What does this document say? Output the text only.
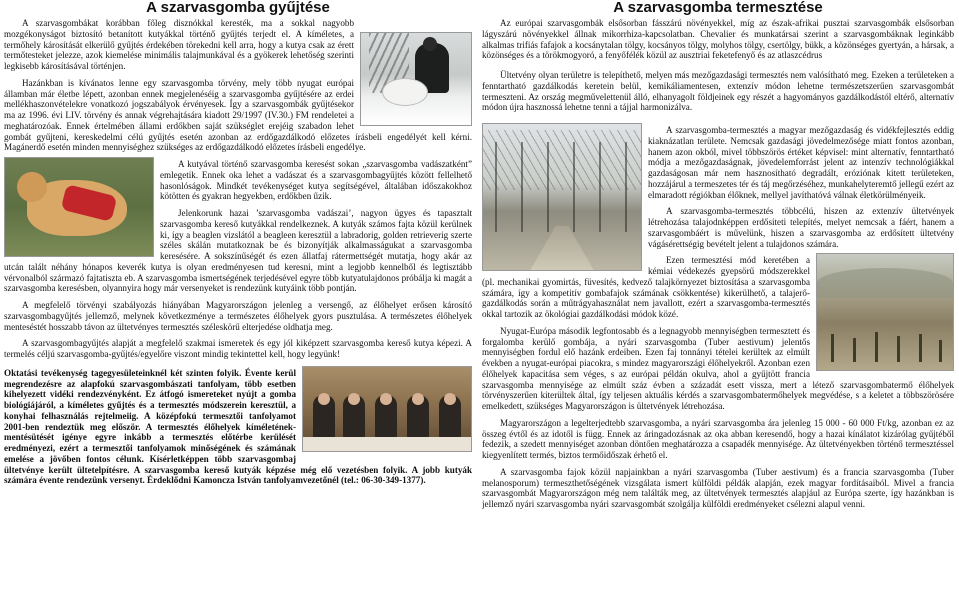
A szarvasgomba gyűjtése

A szarvasgombákat korábban főleg disznókkal keresték, ma a sokkal nagyobb mozgékonyságot biztosító betanított kutyákkal történő gyűjtés terjedt el. A kíméletes, a termőhely károsítását elkerülő gyűjtés érdekében törekedni kell arra, hogy a kutya csak az érett termőtesteket jelezze, azok kiemelése minimális talajmunkával és a gyökerek lehetőség szerinti legkisebb károsításával történjen.

Hazánkban is kívánatos lenne egy szarvasgomba törvény, mely több nyugat európai államban már életbe lépett, azonban ennek megjelenéséig a szarvasgomba gyűjtésére az erdei mellékhaszonvételekre vonatkozó jogszabályok érvényesek. Így a szarvasgombák gyűjtésekor ma az 1996. évi LIV. törvény és annak végrehajtására kiadott 29/1997 (IV.30.) FM rendeletei a meghatározóak. Ennek értelmében állami erdőkben saját szükséglet erejéig szabadon lehet gombát gyűjteni, kereskedelmi célú gyűjtés esetén azonban az erdőgazdálkodó előzetes írásbeli engedélyét kell kérni. Magánerdő esetén minden mennyiséghez szükséges az erdőgazdálkodó előzetes írásbeli engedélye.

A kutyával történő szarvasgomba keresést sokan „szarvasgomba vadászatként” emlegetik. Ennek oka lehet a vadászat és a szarvasgombagyűjtés között fellelhető hasonlóságok. Mindkét tevékenységet kutya segítségével, általában időszakokhoz kötötten és gyakran hegyekben, erdőkben űzik.

Jelenkorunk hazai ’szarvasgomba vadászai’, nagyon ügyes és tapasztalt szarvasgomba kereső kutyákkal rendelkeznek. A kutyák számos fajta közül kerülnek ki, így a beaglen vizslától a beagleen keresztül a labradorig, golden retrieverig szerte széles skálán mutatkoznak be és bizonyítják alkalmasságukat a szarvasgomba keresésére. A sokszínűségét és ezen állatfaj rátermettségét mutatja, hogy akár az utcán talált néhány hónapos keverék kutya is olyan eredményesen tud keresni, mint a legjobb kennelből és legtisztább vérvonalból származó fajtatiszta eb. A szarvasgomba ismertségének terjedésével egyre több kutyatulajdonos próbálja ki magát a szarvasgomba keresésben, olyannyira hogy már versenyeket is rendezünk kutyáink több pontján.

A megfelelő törvényi szabályozás hiányában Magyarországon jelenleg a versengő, az élőhelyet erősen károsító szarvasgombagyűjtés jellemző, melynek következménye a természetes élőhelyek gyors pusztulása. A természetes élőhelyek menteséstét hosszabb távon az ültetvényes termesztés széleskörű elterjedése oldhatja meg.

A szarvasgombagyűjtés alapját a megfelelő szakmai ismeretek és egy jól kiképzett szarvasgomba kereső kutya képezi. A termelés céljú szarvasgomba-gyűjtés/egyelőre viszont mindig tekintettel kell, hogy legyünk!

Oktatási tevékenység tagegyesületeinknél két szinten folyik. Évente kerül megrendezésre az alapfokú szarvasgombászati tanfolyam, több esetben kihelyezett vidéki rendezvényként. Ez átfogó ismereteket nyújt a gomba biológiájáról, a kíméletes gyűjtés és a termesztés módszerein keresztül, a konyhai felhasználás rejtelmeiig. A középfokú termesztői tanfolyamot 2001-ben rendeztük meg először. A termesztés élőhelyek kíméletének-mentésütését igénye egyre inkább a termesztés előtérbe kerülését eredményezi, ezért a termesztői tanfolyamok minőségének és számának emelése a jövőben fontos célunk. Kísérletképpen több szarvasgombaj ültetvénye került ültetelpítésre. A szarvasgomba kereső kutyák képzése még elő vezetésben folyik. A jobb kutyák számára évente rendezünk versenyt. Érdeklődni Kamoncza István tanfolyamvezetőnél (tel.: 06-30-349-1377).

A szarvasgomba termesztése

Az európai szarvasgombák elsősorban fásszárú növényekkel, míg az észak-afrikai pusztai szarvasgombák elsősorban lágyszárú növényekkel állnak mikorrhiza-kapcsolatban. Chevalier és munkatársai szerint a szarvasgombáknak leginkább alkalmas trifiás fafajok a kocsánytalan tölgy, kocsányos tölgy, molyhos tölgy, csertölgy, bükk, a közönséges gyertyán, a hársak, a közönséges és a törökmogyoró, a fenyőfélék közül az ausztriai feketefenyő és az atlaszcédrus

Ültetvény olyan területre is telepíthető, melyen más mezőgazdasági termesztés nem valósítható meg. Ezeken a területeken a fenntartható gazdálkodás keretein belül, kemikáliamentesen, extenzív módon lehetne természetszerűen szarvasgombát termeszteni. Az ország megművelettenül álló, elhanyagolt földjeinek egy részét a hagyományos gazdálkodástól eltérő, alternatív módon újra hasznossá lehetne tenni a tájjal harmonizálva.

A szarvasgomba-termesztés a magyar mezőgazdaság és vidékfejlesztés eddig kiaknázatlan területe. Nemcsak gazdasági jövedelmezősége miatt fontos azonban, hanem azon okból, mivel többszörös értéket képvisel: mint alternatív, fenntartható módja a mezőgazdaságnak, jövedelemforrást jelent az intenzív technológiákkal gazdaságosan már nem hasznosítható degradált, eróziónak kitett területeken, hozzájárul a termeszetes tér és táj megőrzéséhez, munkahelyteremtő jellegű ezért az elmaradott régiókban élőknek, mellyel javíthatóvá válnak életkörülményeik.

A szarvasgomba-termesztés többcélú, hiszen az extenzív ültetvények létrehozása talajodnképpen erdősíteti telepítés, melyet nemcsak a fáért, hanem a szarvasgombáért is művelünk, hiszen a szarvasgomba az erdősített ültetvény vágásérettségig bevételt jelent a tulajdonos számára.

Ezen termesztési mód keretében a kémiai védekezés gyepsörű módszerekkel (pl. mechanikai gyomirtás, füvesítés, kedvező talajkörnyezet biztosítása a szarvasgomba számára, így a kompetitív gombafajok számának csökkentése) kikerülhető, a talajerő-gazdálkodás során a műtrágyahasználat nem javallott, ezért a szarvasgomba-termesztés okkal tartozik az ökológiai gazdálkodási módok közé.

Nyugat-Európa második legfontosabb és a legnagyobb mennyiségben termesztett és forgalomba kerülő gombája, a nyári szarvasgomba (Tuber aestivum) jelentős mennyiségben fordul elő hazánk erdeiben. Ezen faj tonnányi tételei kerültek az elmúlt években a nyugat-európai piacokra, s mindez magyarországi élőhelyekről. Azonban ezen élőhelyek kapacitása sem véges, s az európai példán okulva, ahol a gyűjtött francia szarvasgomba mennyisége az elmúlt száz évben a századát esett vissza, mert a létező szarvasgombatermő élőhelyek törvényszerűen kiterültek által, így teljesen aktuális kérdés a szarvasgombatermőhelyek megvédése, s a keletet a többszörösére emelkedett, szükséges Magyarországon is ültetvények létrehozása.

Magyarországon a legelterjedtebb szarvasgomba, a nyári szarvasgomba ára jelenleg 15 000 - 60 000 Ft/kg, azonban ez az összeg évtől és az idotől is függ. Ennek az áringadozásnak az oka abban keresendő, hogy a hazai kínálatot kizárólag gyűjtéből fedezik, a szedett mennyiséget azonban döntően meghatározza a csapadék mennyisége. Az ültetvényekben történő termesztéssel kiegyenlített termés, biztos termőidőszak érhető el.

A szarvasgomba fajok közül napjainkban a nyári szarvasgomba (Tuber aestivum) és a francia szarvasgomba (Tuber melanosporum) termeszthetőségének vizsgálata ismert külföldi példák alapján, ezek magyar fordításaiból. Mivel a francia szarvasgombát Magyarországon még nem találták meg, az ültetvények termesztés alapjául az Európa szerte, így hazánkban is jellemző nyári szarvasgomba nyári szarvasgombát szolgálja külföldi eredményeket csélezni alapul venni.
